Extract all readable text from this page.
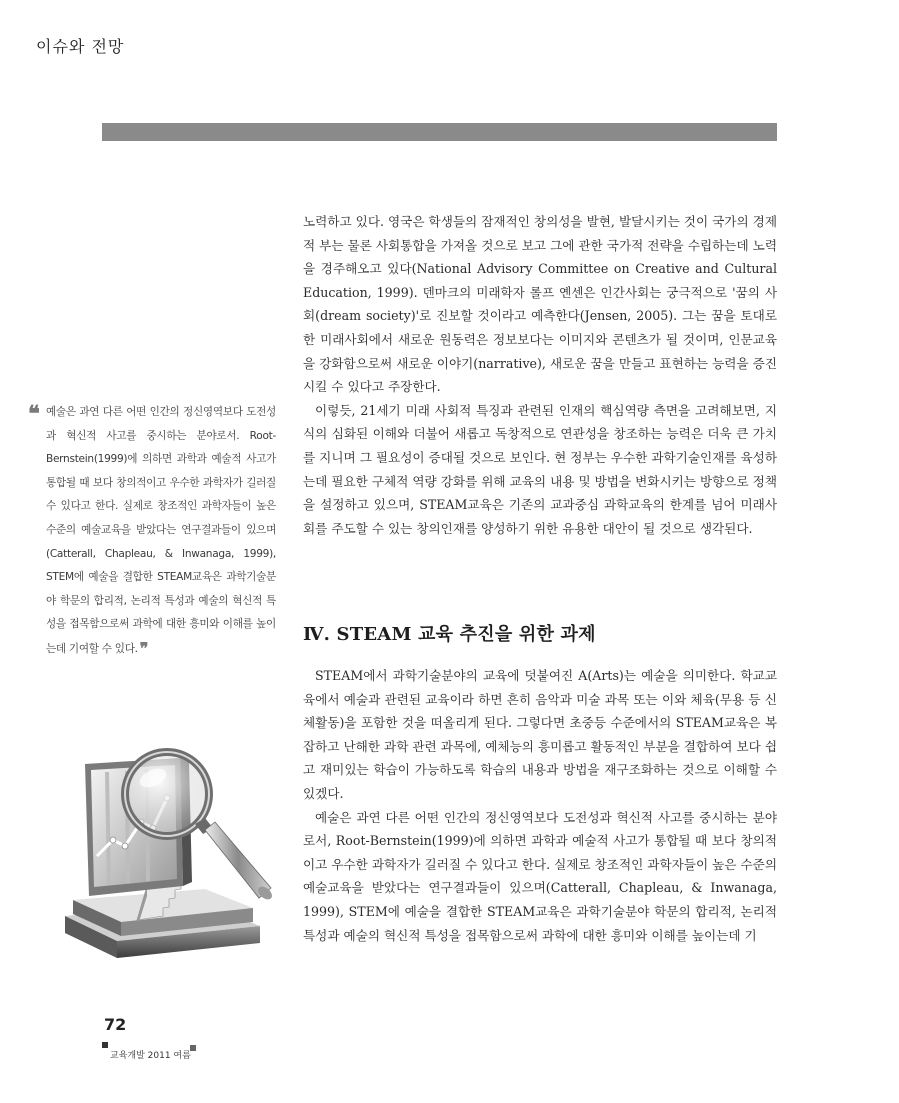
이슈와 전망

노력하고 있다. 영국은 학생들의 잠재적인 창의성을 발현, 발달시키는 것이 국가의 경제적 부는 물론 사회통합을 가져올 것으로 보고 그에 관한 국가적 전략을 수립하는데 노력을 경주해오고 있다(National Advisory Committee on Creative and Cultural Education, 1999). 덴마크의 미래학자 롤프 옌센은 인간사회는 궁극적으로 '꿈의 사회(dream society)'로 진보할 것이라고 예측한다(Jensen, 2005). 그는 꿈을 토대로 한 미래사회에서 새로운 원동력은 정보보다는 이미지와 콘텐츠가 될 것이며, 인문교육을 강화함으로써 새로운 이야기(narrative), 새로운 꿈을 만들고 표현하는 능력을 증진시킬 수 있다고 주장한다.

이렇듯, 21세기 미래 사회적 특징과 관련된 인재의 핵심역량 측면을 고려해보면, 지식의 심화된 이해와 더불어 새롭고 독창적으로 연관성을 창조하는 능력은 더욱 큰 가치를 지니며 그 필요성이 증대될 것으로 보인다. 현 정부는 우수한 과학기술인재를 육성하는데 필요한 구체적 역량 강화를 위해 교육의 내용 및 방법을 변화시키는 방향으로 정책을 설정하고 있으며, STEAM교육은 기존의 교과중심 과학교육의 한계를 넘어 미래사회를 주도할 수 있는 창의인재를 양성하기 위한 유용한 대안이 될 것으로 생각된다.

Ⅳ. STEAM 교육 추진을 위한 과제

STEAM에서 과학기술분야의 교육에 덧붙여진 A(Arts)는 예술을 의미한다. 학교교육에서 예술과 관련된 교육이라 하면 흔히 음악과 미술 과목 또는 이와 체육(무용 등 신체활동)을 포함한 것을 떠올리게 된다. 그렇다면 초중등 수준에서의 STEAM교육은 복잡하고 난해한 과학 관련 과목에, 예체능의 흥미롭고 활동적인 부분을 결합하여 보다 쉽고 재미있는 학습이 가능하도록 학습의 내용과 방법을 재구조화하는 것으로 이해할 수 있겠다.

예술은 과연 다른 어떤 인간의 정신영역보다 도전성과 혁신적 사고를 중시하는 분야로서, Root-Bernstein(1999)에 의하면 과학과 예술적 사고가 통합될 때 보다 창의적이고 우수한 과학자가 길러질 수 있다고 한다. 실제로 창조적인 과학자들이 높은 수준의 예술교육을 받았다는 연구결과들이 있으며(Catterall, Chapleau, & Inwanaga, 1999), STEM에 예술을 결합한 STEAM교육은 과학기술분야 학문의 합리적, 논리적 특성과 예술의 혁신적 특성을 접목함으로써 과학에 대한 흥미와 이해를 높이는데 기

❝ 예술은 과연 다른 어떤 인간의 정신영역보다 도전성과 혁신적 사고를 중시하는 분야로서. Root-Bernstein(1999)에 의하면 과학과 예술적 사고가 통합될 때 보다 창의적이고 우수한 과학자가 길러질 수 있다고 한다. 실제로 창조적인 과학자들이 높은 수준의 예술교육을 받았다는 연구결과들이 있으며(Catterall, Chapleau, & Inwanaga, 1999), STEM에 예술을 결합한 STEAM교육은 과학기술분야 학문의 합리적, 논리적 특성과 예술의 혁신적 특성을 접목함으로써 과학에 대한 흥미와 이해를 높이는데 기여할 수 있다. ❞
72
교육개발 2011 여름
